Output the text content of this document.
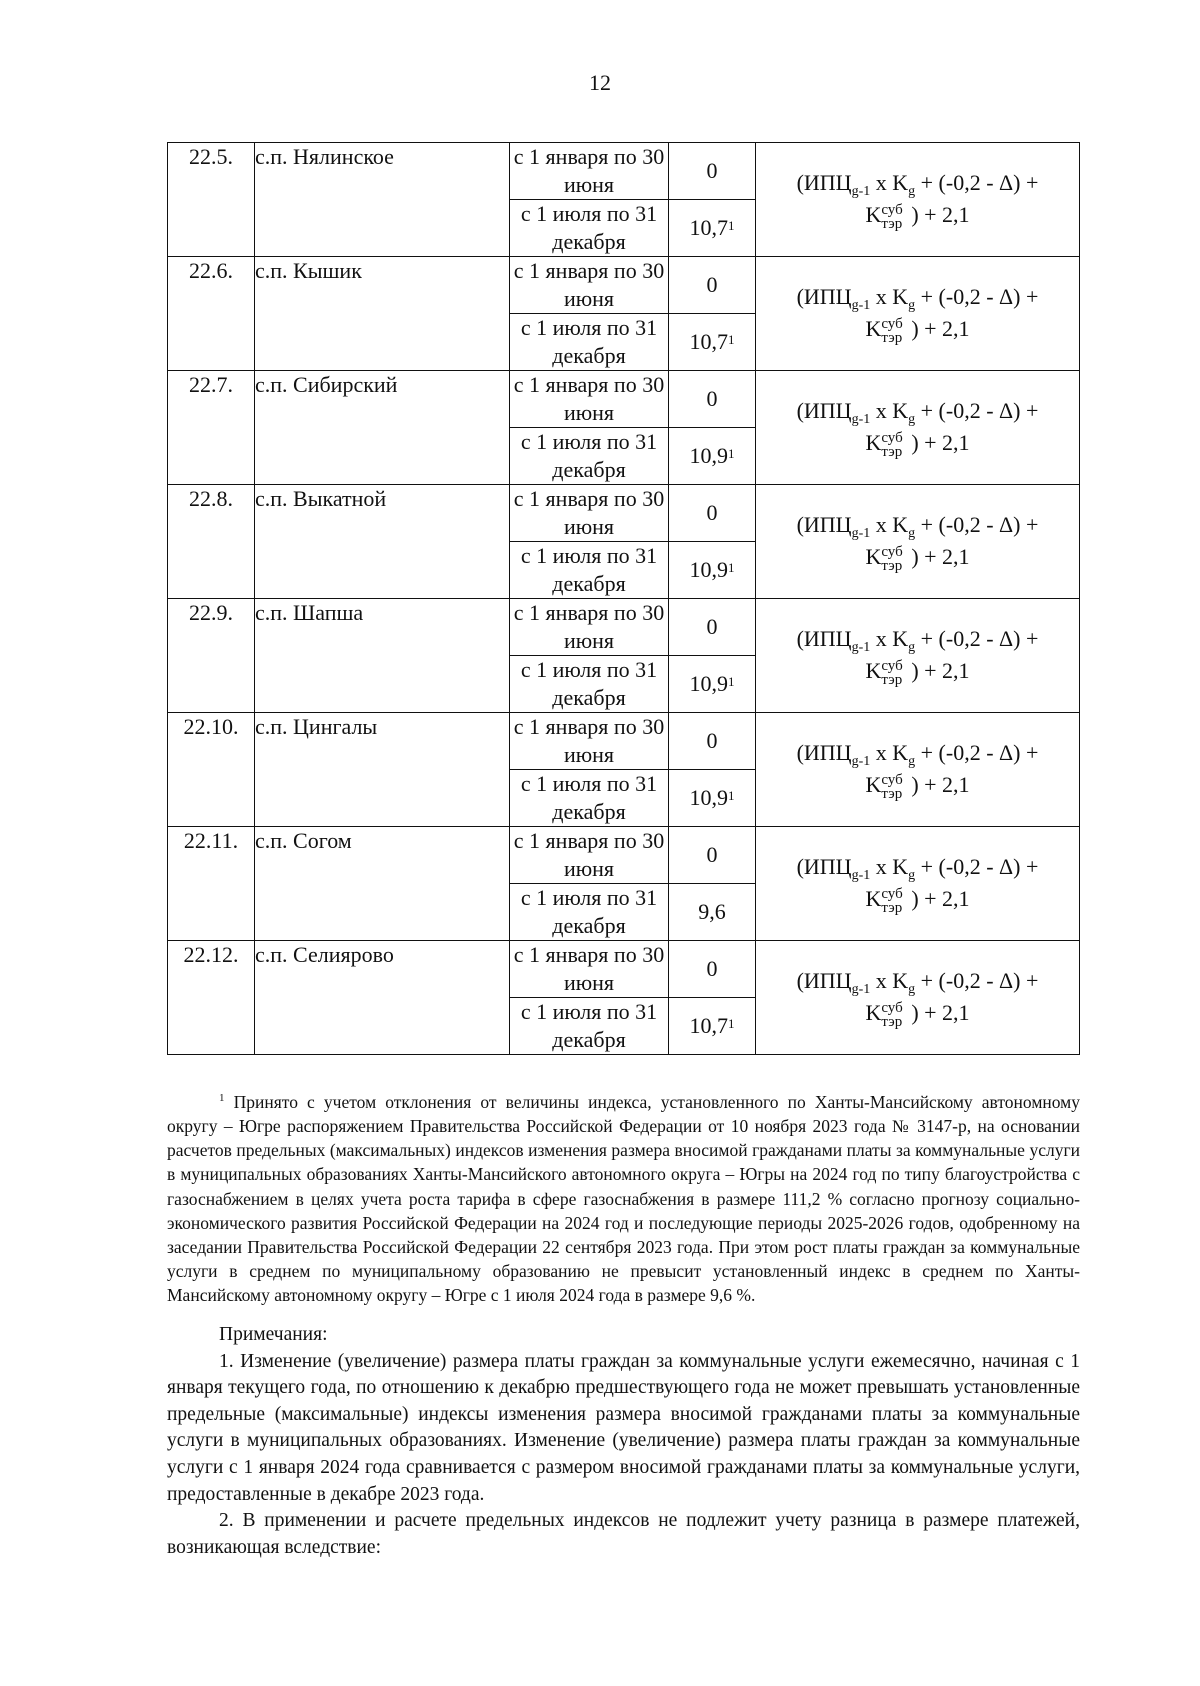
12
22.5.	с.п. Нялинское	с 1 января по 30 июня	0	($ИПЦ_{g-1}$ x $K_g + (-0,2 - \Delta)$ +
K суб
тэр ) + 2,1

		с 1 июля по 31 декабря	10,7$^1$
22.6.	с.п. Кышик	с 1 января по 30 июня	0	($ИПЦ_{g-1}$ x $K_g + (-0,2 - \Delta)$ +
K суб
тэр ) + 2,1

		с 1 июля по 31 декабря	10,7$^1$
22.7.	с.п. Сибирский	с 1 января по 30 июня	0	($ИПЦ_{g-1}$ x $K_g + (-0,2 - \Delta)$ +
K суб
тэр ) + 2,1

		с 1 июля по 31 декабря	10,9$^1$
22.8.	с.п. Выкатной	с 1 января по 30 июня	0	($ИПЦ_{g-1}$ x $K_g + (-0,2 - \Delta)$ +
K суб
тэр ) + 2,1

		с 1 июля по 31 декабря	10,9$^1$
22.9.	с.п. Шапша	с 1 января по 30 июня	0	($ИПЦ_{g-1}$ x $K_g + (-0,2 - \Delta)$ +
K суб
тэр ) + 2,1

		с 1 июля по 31 декабря	10,9$^1$
22.10.	с.п. Цингалы	с 1 января по 30 июня	0	($ИПЦ_{g-1}$ x $K_g + (-0,2 - \Delta)$ +
K суб
тэр ) + 2,1

		с 1 июля по 31 декабря	10,9$^1$
22.11.	с.п. Согом	с 1 января по 30 июня	0	($ИПЦ_{g-1}$ x $K_g + (-0,2 - \Delta)$ +
K суб
тэр ) + 2,1

		с 1 июля по 31 декабря	9,6	
22.12.	с.п. Селиярово	с 1 января по 30 июня	0	($ИПЦ_{g-1}$ x $K_g + (-0,2 - \Delta)$ +
K суб
тэр ) + 2,1

		с 1 июля по 31 декабря	10,7$^1$
$^1$ Принято с учетом отклонения от величины индекса, установленного по Ханты-Мансийскому автономному округу – Югре распоряжением Правительства Российской Федерации от 10 ноября 2023 года № 3147-р, на основании расчетов предельных (максимальных) индексов изменения размера вносимой гражданами платы за коммунальные услуги в муниципальных образованиях Ханты-Мансийского автономного округа – Югры на 2024 год по типу благоустройства с газоснабжением в целях учета роста тарифа в сфере газоснабжения в размере 111,2 % согласно прогнозу социально-экономического развития Российской Федерации на 2024 год и последующие периоды 2025-2026 годов, одобренному на заседании Правительства Российской Федерации 22 сентября 2023 года. При этом рост платы граждан за коммунальные услуги в среднем по муниципальному образованию не превысит установленный индекс в среднем по Ханты-Мансийскому автономному округу – Югре с 1 июля 2024 года в размере 9,6 %.

Примечания:

1. Изменение (увеличение) размера платы граждан за коммунальные услуги ежемесячно, начиная с 1 января текущего года, по отношению к декабрю предшествующего года не может превышать установленные предельные (максимальные) индексы изменения размера вносимой гражданами платы за коммунальные услуги в муниципальных образованиях. Изменение (увеличение) размера платы граждан за коммунальные услуги с 1 января 2024 года сравнивается с размером вносимой гражданами платы за коммунальные услуги, предоставленные в декабре 2023 года.

2. В применении и расчете предельных индексов не подлежит учету разница в размере платежей, возникающая вследствие:
